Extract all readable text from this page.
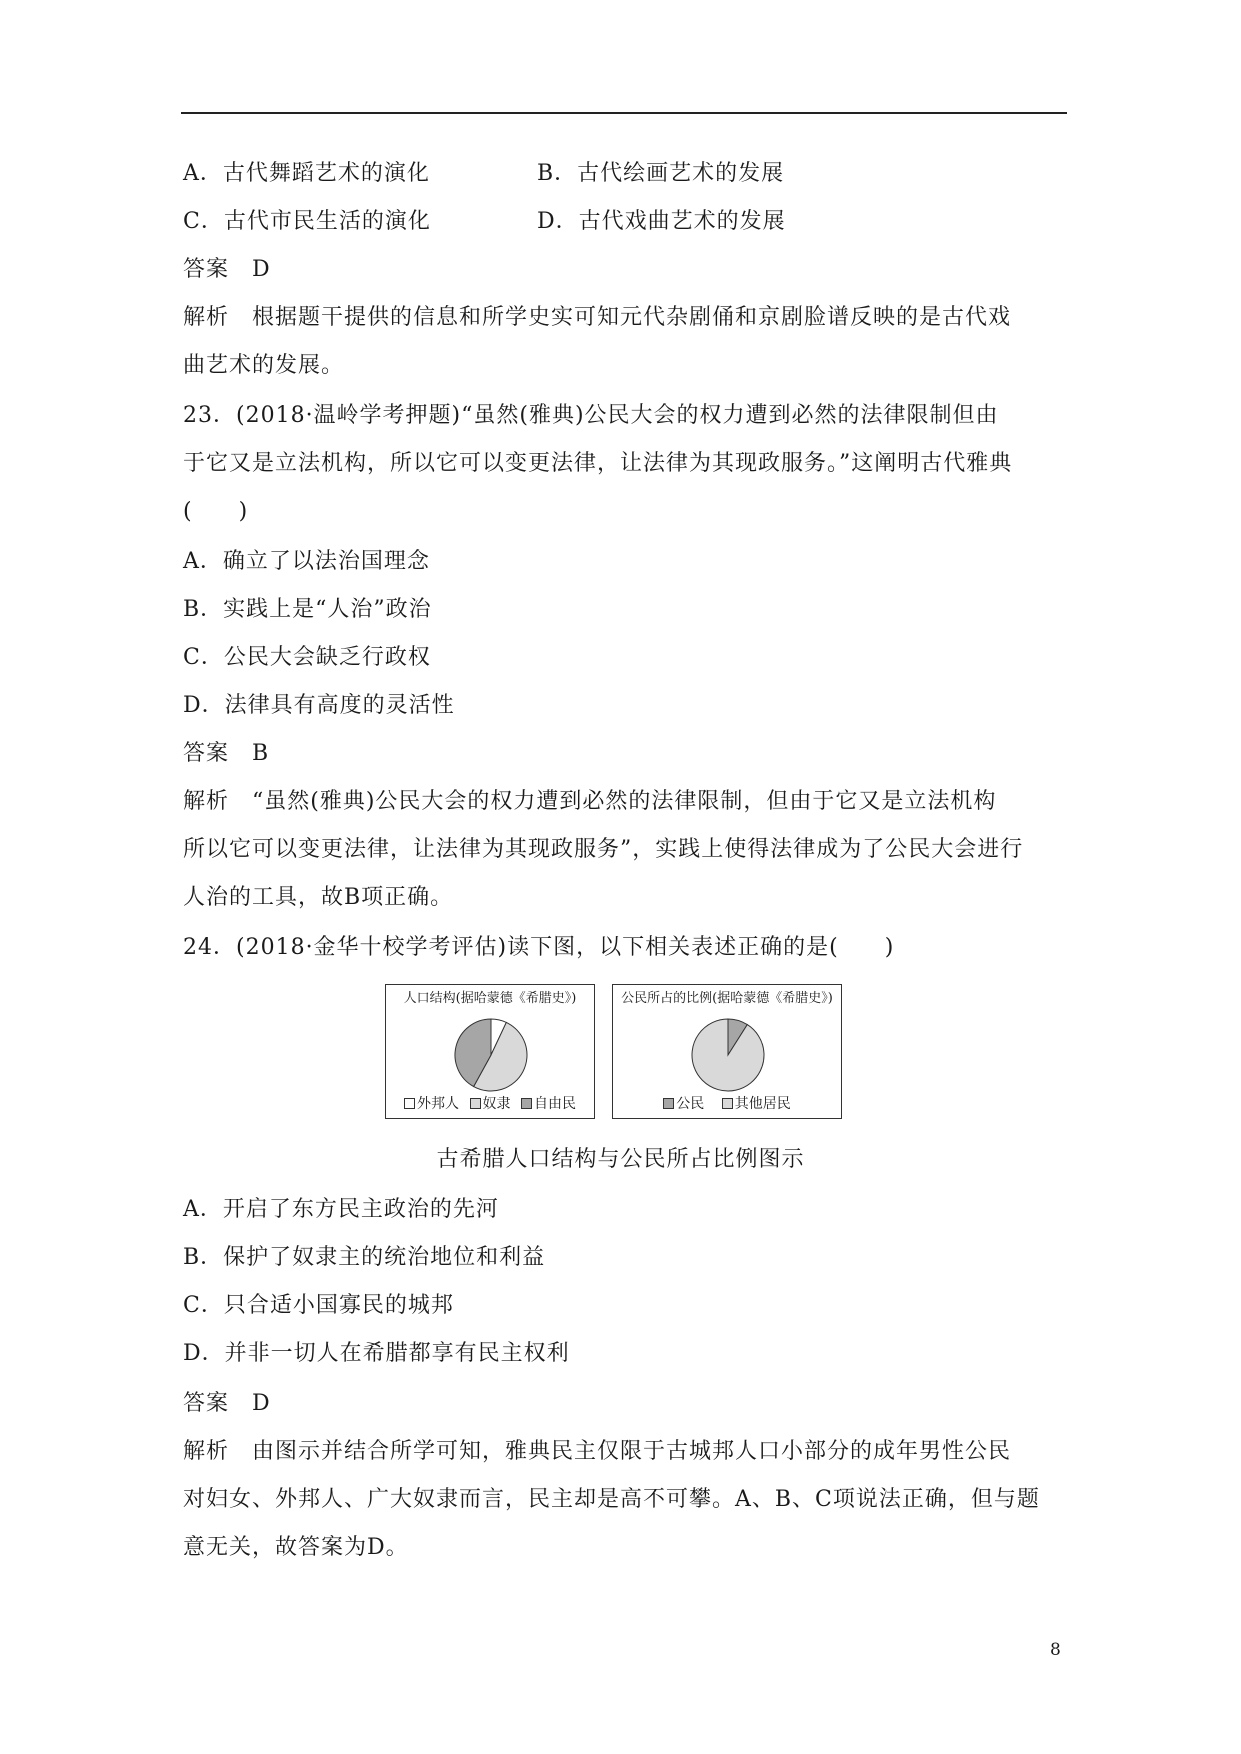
A．古代舞蹈艺术的演化	B．古代绘画艺术的发展
C．古代市民生活的演化	D．古代戏曲艺术的发展
答案　D
解析　根据题干提供的信息和所学史实可知元代杂剧俑和京剧脸谱反映的是古代戏
曲艺术的发展。
23．(2018·温岭学考押题)“虽然(雅典)公民大会的权力遭到必然的法律限制但由
于它又是立法机构，所以它可以变更法律，让法律为其现政服务。”这阐明古代雅典
(　　)
A．确立了以法治国理念
B．实践上是“人治”政治
C．公民大会缺乏行政权
D．法律具有高度的灵活性
答案　B
解析　“虽然(雅典)公民大会的权力遭到必然的法律限制，但由于它又是立法机构
所以它可以变更法律，让法律为其现政服务”，实践上使得法律成为了公民大会进行
人治的工具，故B项正确。
24．(2018·金华十校学考评估)读下图，以下相关表述正确的是(　　)
人口结构(据哈蒙德《希腊史》)
外邦人 奴隶 自由民
公民所占的比例(据哈蒙德《希腊史》)
公民 其他居民
古希腊人口结构与公民所占比例图示
A．开启了东方民主政治的先河
B．保护了奴隶主的统治地位和利益
C．只合适小国寡民的城邦
D．并非一切人在希腊都享有民主权利
答案　D
解析　由图示并结合所学可知，雅典民主仅限于古城邦人口小部分的成年男性公民
对妇女、外邦人、广大奴隶而言，民主却是高不可攀。A、B、C项说法正确，但与题
意无关，故答案为D。
8
